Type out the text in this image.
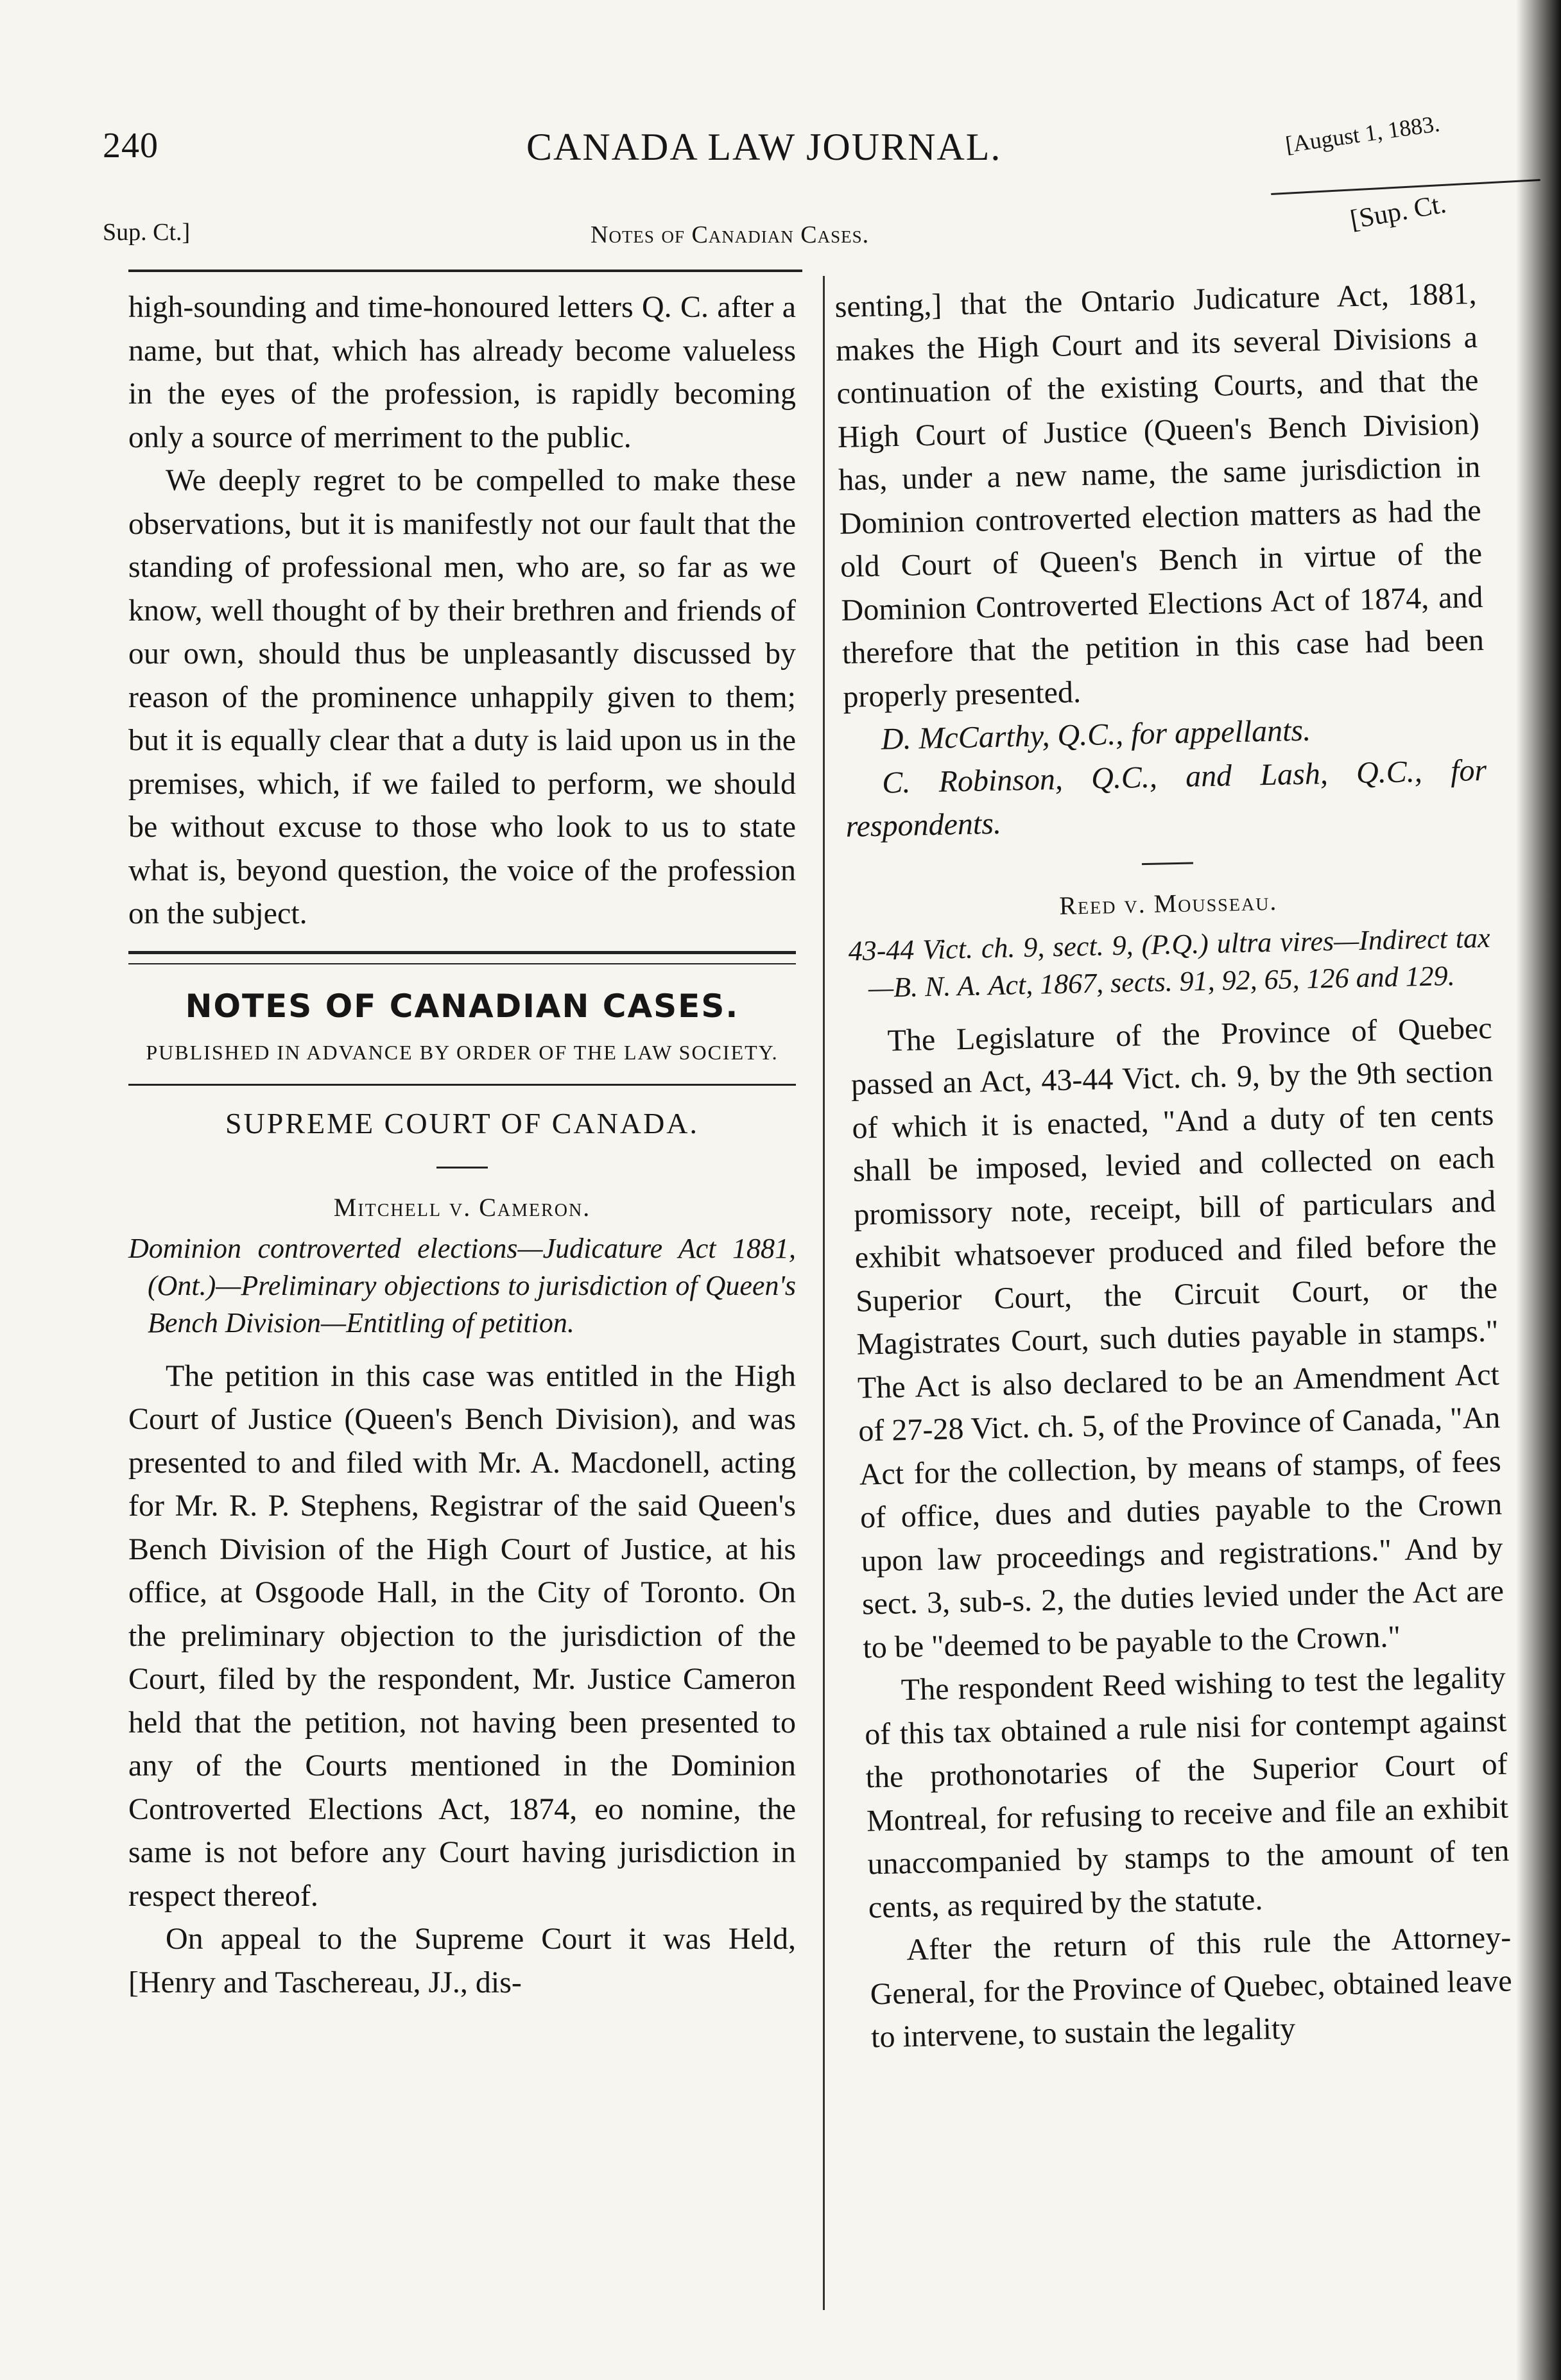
240	CANADA LAW JOURNAL.	[August 1, 1883.
Sup. Ct.]	Notes of Canadian Cases.	[Sup. Ct.

high-sounding and time-honoured letters Q. C. after a name, but that, which has already become valueless in the eyes of the profession, is rapidly becoming only a source of merriment to the public.

We deeply regret to be compelled to make these observations, but it is manifestly not our fault that the standing of professional men, who are, so far as we know, well thought of by their brethren and friends of our own, should thus be unpleasantly discussed by reason of the prominence unhappily given to them; but it is equally clear that a duty is laid upon us in the premises, which, if we failed to perform, we should be without excuse to those who look to us to state what is, beyond question, the voice of the profession on the subject.

NOTES OF CANADIAN CASES.
PUBLISHED IN ADVANCE BY ORDER OF THE LAW SOCIETY.
SUPREME COURT OF CANADA.
Mitchell v. Cameron.
Dominion controverted elections—Judicature Act 1881, (Ont.)—Preliminary objections to jurisdiction of Queen's Bench Division—Entitling of petition.

The petition in this case was entitled in the High Court of Justice (Queen's Bench Division), and was presented to and filed with Mr. A. Macdonell, acting for Mr. R. P. Stephens, Registrar of the said Queen's Bench Division of the High Court of Justice, at his office, at Osgoode Hall, in the City of Toronto. On the preliminary objection to the jurisdiction of the Court, filed by the respondent, Mr. Justice Cameron held that the petition, not having been presented to any of the Courts mentioned in the Dominion Controverted Elections Act, 1874, eo nomine, the same is not before any Court having jurisdiction in respect thereof.

On appeal to the Supreme Court it was Held, [Henry and Taschereau, JJ., dis-

senting,] that the Ontario Judicature Act, 1881, makes the High Court and its several Divisions a continuation of the existing Courts, and that the High Court of Justice (Queen's Bench Division) has, under a new name, the same jurisdiction in Dominion controverted election matters as had the old Court of Queen's Bench in virtue of the Dominion Controverted Elections Act of 1874, and therefore that the petition in this case had been properly presented.

D. McCarthy, Q.C., for appellants.

C. Robinson, Q.C., and Lash, Q.C., for respondents.

Reed v. Mousseau.
43-44 Vict. ch. 9, sect. 9, (P.Q.) ultra vires—Indirect tax—B. N. A. Act, 1867, sects. 91, 92, 65, 126 and 129.

The Legislature of the Province of Quebec passed an Act, 43-44 Vict. ch. 9, by the 9th section of which it is enacted, "And a duty of ten cents shall be imposed, levied and collected on each promissory note, receipt, bill of particulars and exhibit whatsoever produced and filed before the Superior Court, the Circuit Court, or the Magistrates Court, such duties payable in stamps." The Act is also declared to be an Amendment Act of 27-28 Vict. ch. 5, of the Province of Canada, "An Act for the collection, by means of stamps, of fees of office, dues and duties payable to the Crown upon law proceedings and registrations." And by sect. 3, sub-s. 2, the duties levied under the Act are to be "deemed to be payable to the Crown."

The respondent Reed wishing to test the legality of this tax obtained a rule nisi for contempt against the prothonotaries of the Superior Court of Montreal, for refusing to receive and file an exhibit unaccompanied by stamps to the amount of ten cents, as required by the statute.

After the return of this rule the Attorney-General, for the Province of Quebec, obtained leave to intervene, to sustain the legality
